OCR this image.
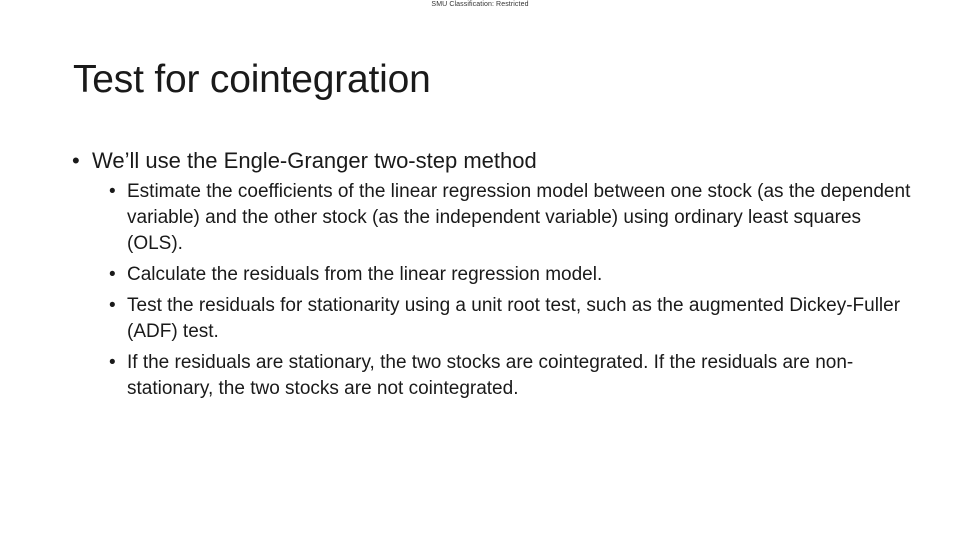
SMU Classification: Restricted
Test for cointegration
• We’ll use the Engle-Granger two-step method
• Estimate the coefficients of the linear regression model between one stock (as the dependent variable) and the other stock (as the independent variable) using ordinary least squares (OLS).
• Calculate the residuals from the linear regression model.
• Test the residuals for stationarity using a unit root test, such as the augmented Dickey-Fuller (ADF) test.
• If the residuals are stationary, the two stocks are cointegrated. If the residuals are non-stationary, the two stocks are not cointegrated.
